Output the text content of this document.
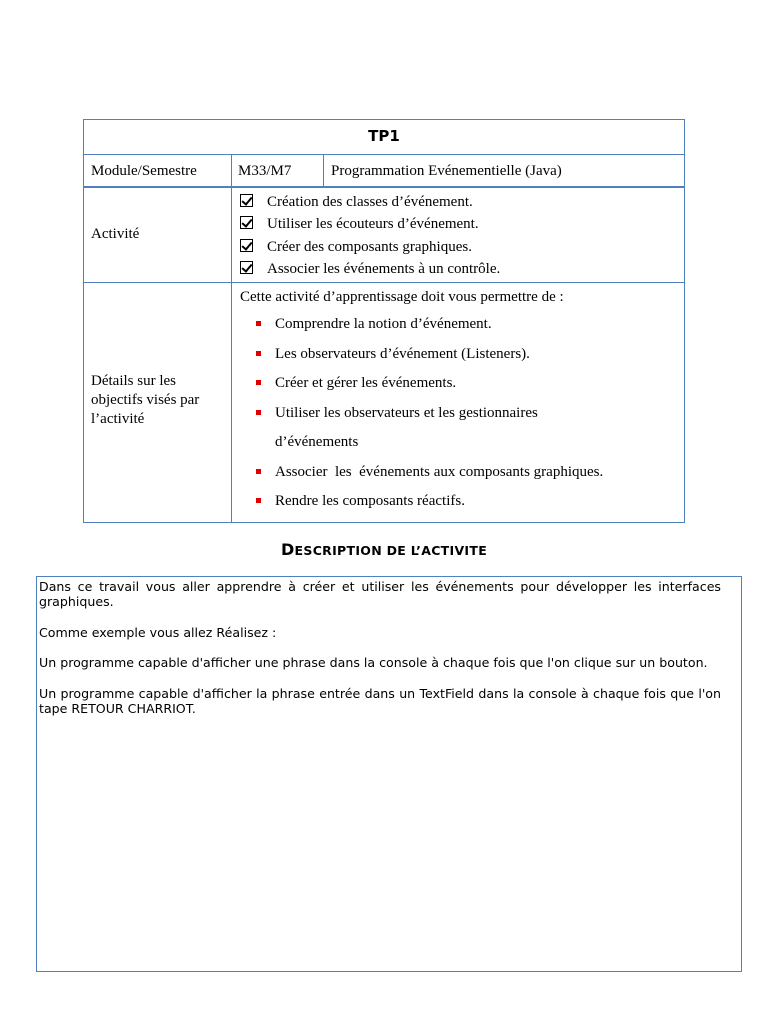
TP1
Module/Semestre	M33/M7	Programmation Evénementielle (Java)
Activité
Création des classes d’événement.
Utiliser les écouteurs d’événement.
Créer des composants graphiques.
Associer les événements à un contrôle.
Détails sur les objectifs visés par l’activité
Cette activité d’apprentissage doit vous permettre de :
Comprendre la notion d’événement.
Les observateurs d’événement (Listeners).
Créer et gérer les événements.
Utiliser les observateurs et les gestionnaires d’événements
Associer  les  événements aux composants graphiques.
Rendre les composants réactifs.
DESCRIPTION DE L’ACTIVITE

Dans ce travail vous aller apprendre à créer et utiliser les événements pour développer les interfaces graphiques.

Comme exemple vous allez Réalisez :

Un programme capable d'afficher une phrase dans la console à chaque fois que l'on clique sur un bouton.

Un programme capable d'afficher la phrase entrée dans un TextField dans la console à chaque fois que l'on tape RETOUR CHARRIOT.
